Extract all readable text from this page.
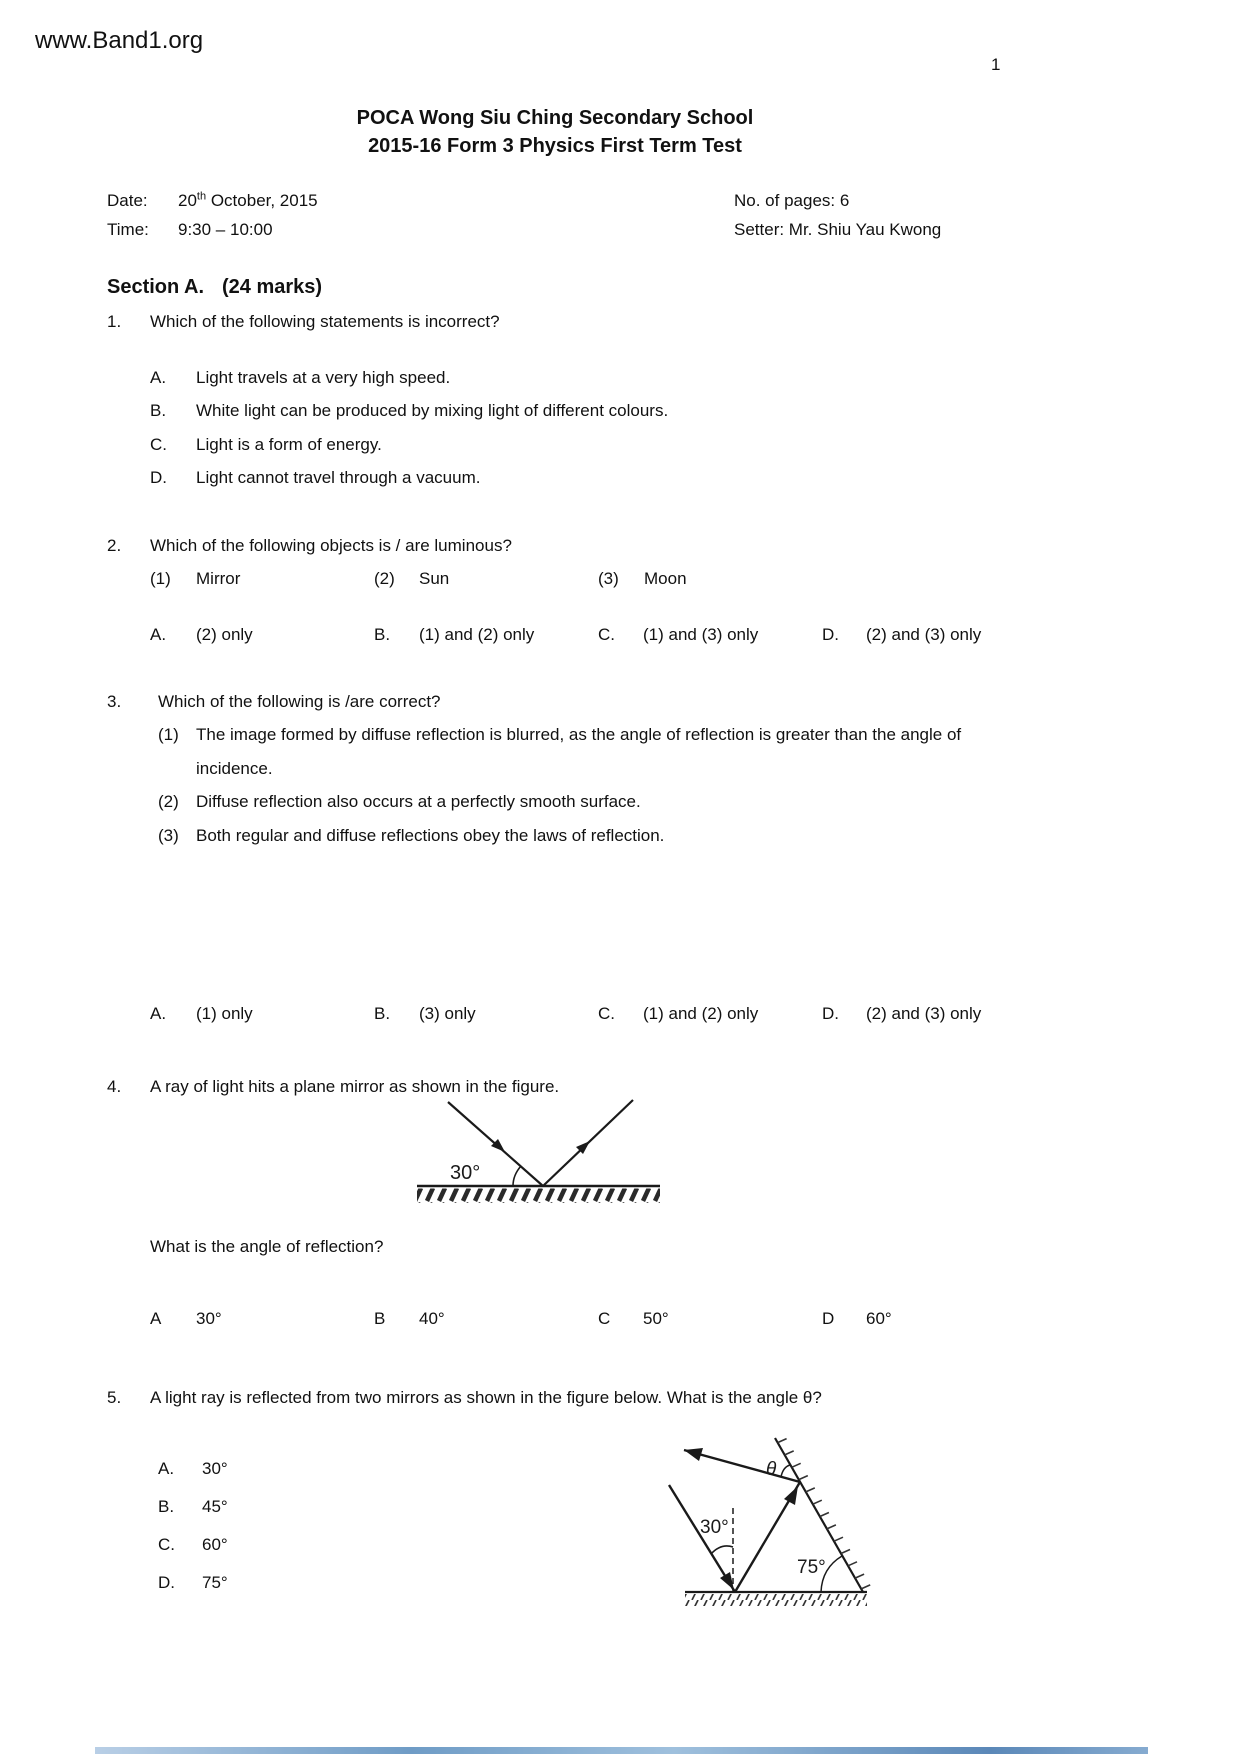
www.Band1.org
1
POCA Wong Siu Ching Secondary School
2015-16 Form 3 Physics First Term Test
Date: 20th October, 2015	No. of pages: 6
Time: 9:30 – 10:00	Setter: Mr. Shiu Yau Kwong
Section A. (24 marks)
1. Which of the following statements is incorrect?
A. Light travels at a very high speed.
B. White light can be produced by mixing light of different colours.
C. Light is a form of energy.
D. Light cannot travel through a vacuum.
2. Which of the following objects is / are luminous?
(1) Mirror	(2) Sun	(3) Moon
A. (2) only	B. (1) and (2) only	C. (1) and (3) only	D. (2) and (3) only
3. Which of the following is /are correct?
(1) The image formed by diffuse reflection is blurred, as the angle of reflection is greater than the angle of
incidence.
(2) Diffuse reflection also occurs at a perfectly smooth surface.
(3) Both regular and diffuse reflections obey the laws of reflection.
A. (1) only	B. (3) only	C. (1) and (2) only	D. (2) and (3) only
4. A ray of light hits a plane mirror as shown in the figure.
30°
What is the angle of reflection?
A 30°	B 40°	C 50°	D 60°
5. A light ray is reflected from two mirrors as shown in the figure below. What is the angle θ?
A. 30°
B. 45°
C. 60°
D. 75°
30°
θ
75°
